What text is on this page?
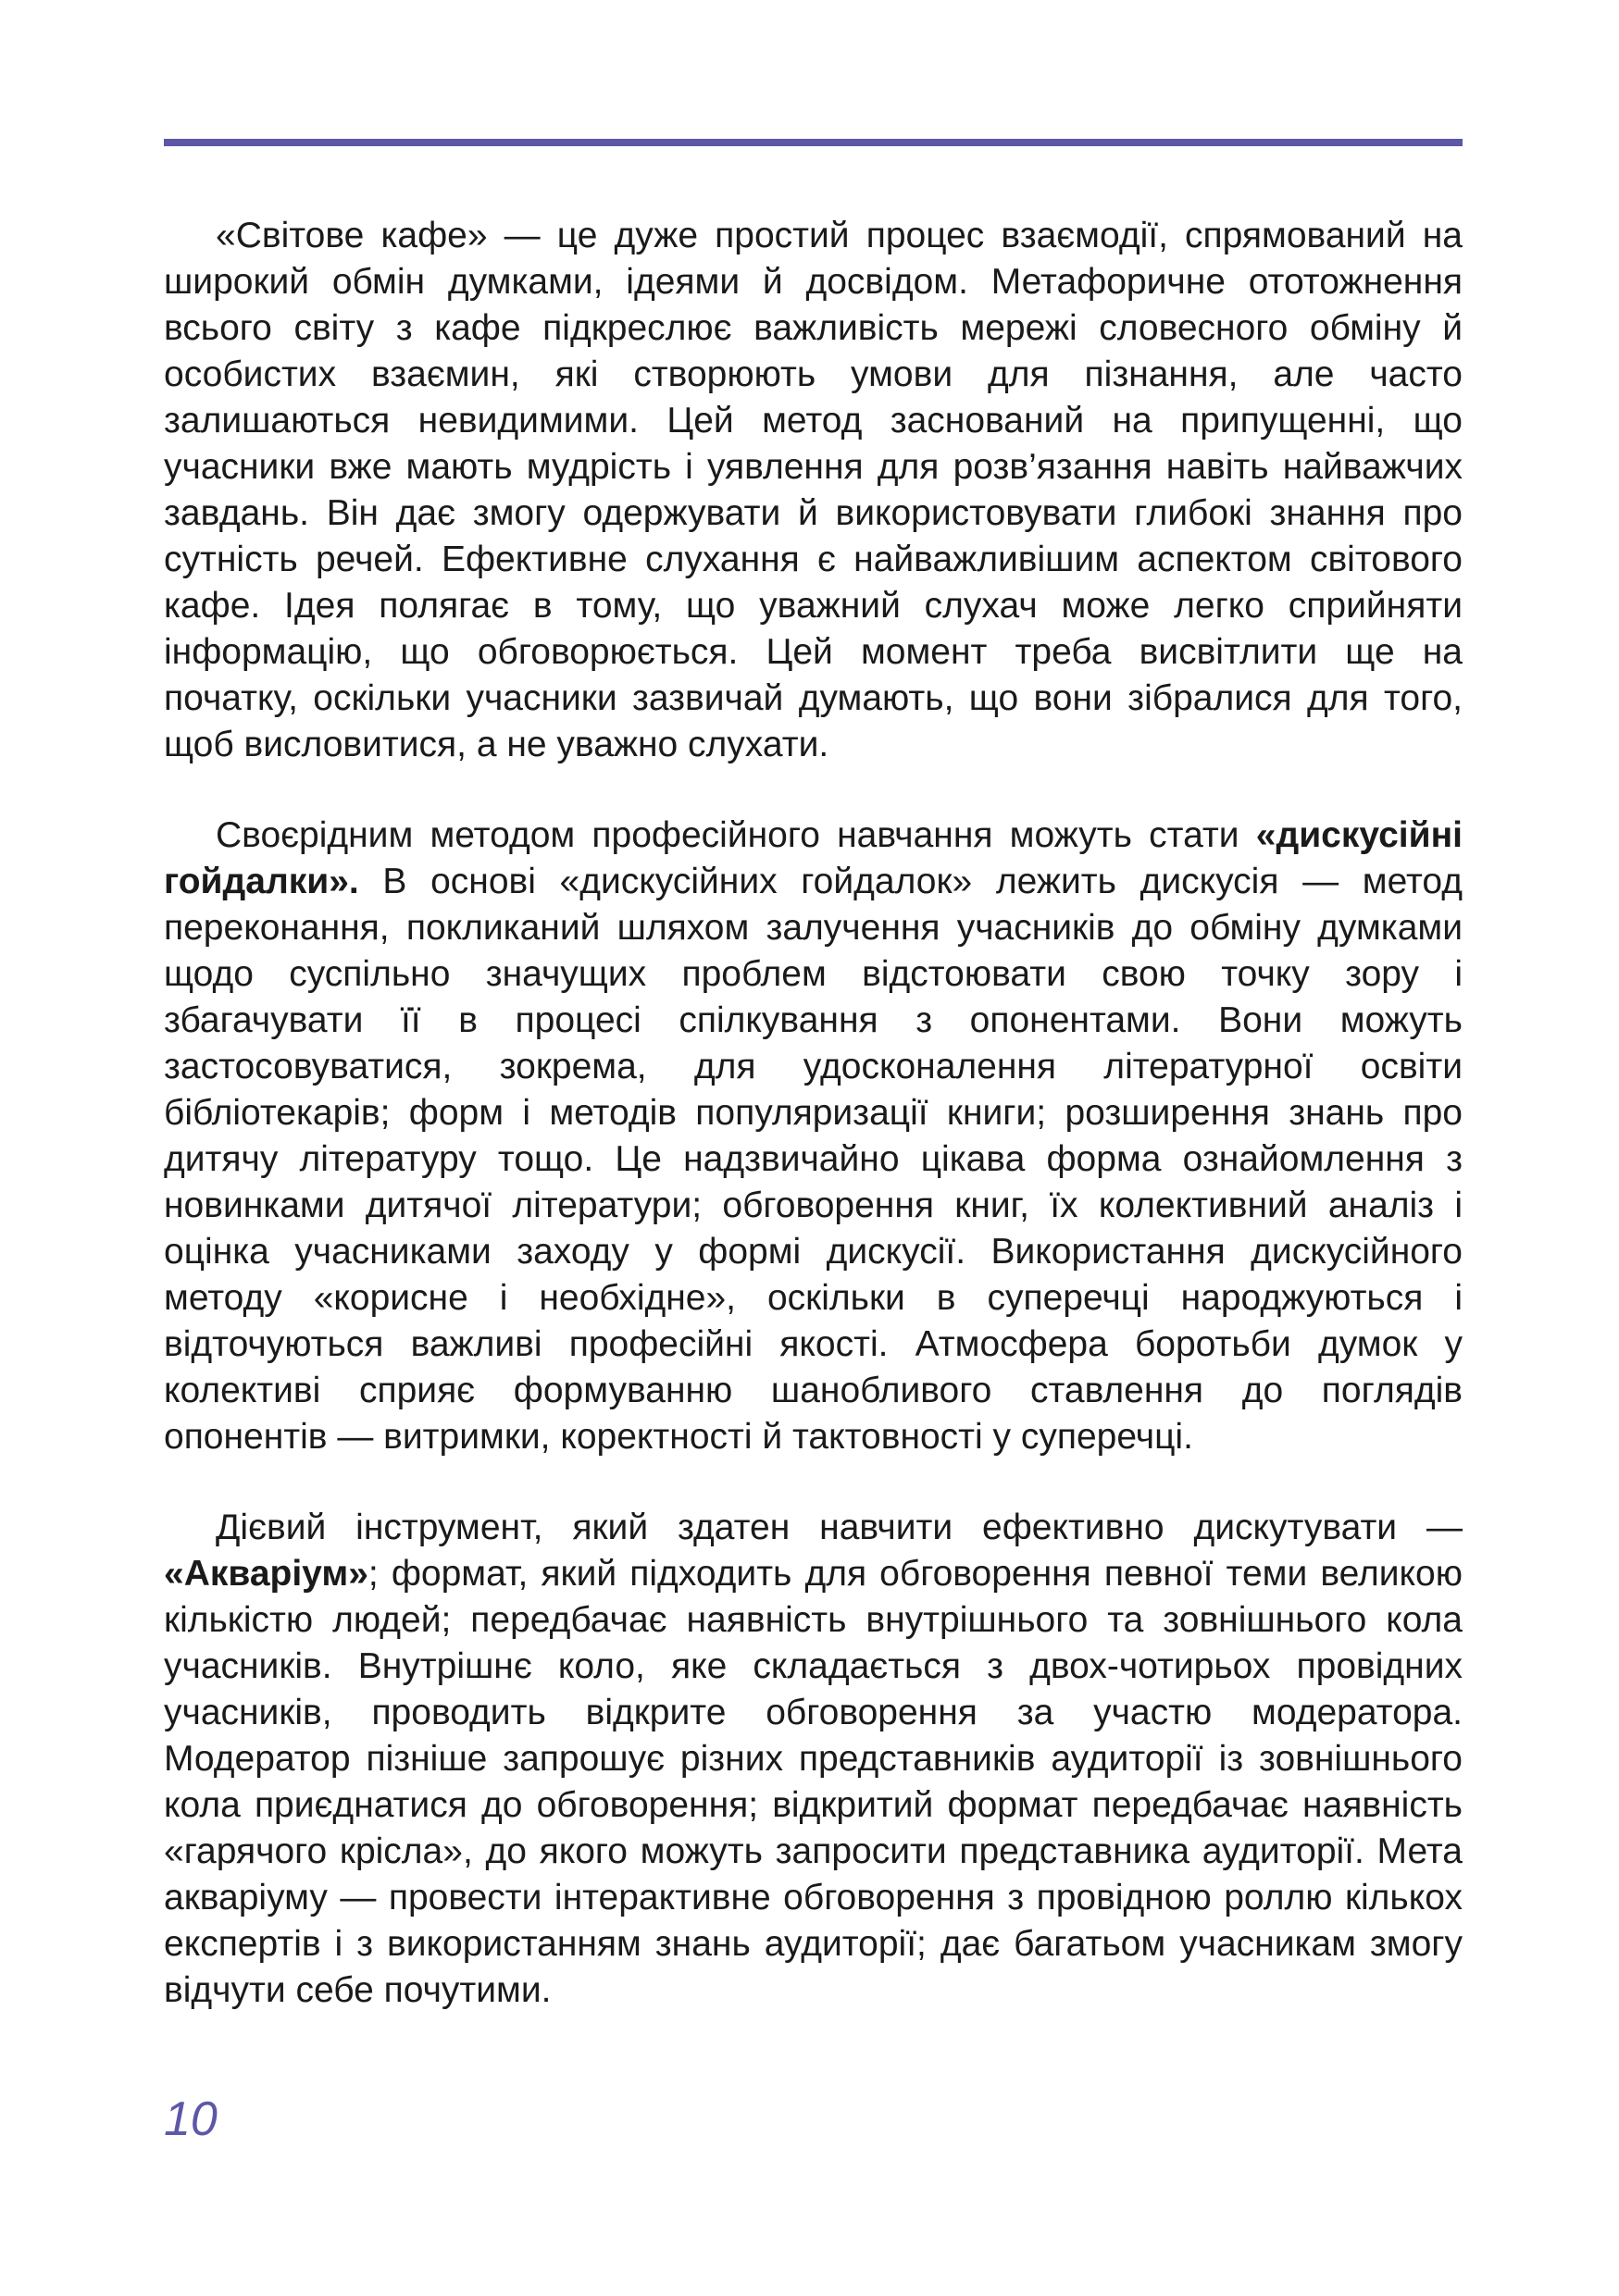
«Світове кафе» — це дуже простий процес взаємодії, спрямований на широкий обмін думками, ідеями й досвідом. Метафоричне ототожнення всього світу з кафе підкреслює важливість мережі словесного обміну й особистих взаємин, які створюють умови для пізнання, але часто залишаються невидимими. Цей метод заснований на припущенні, що учасники вже мають мудрість і уявлення для розв’язання навіть найважчих завдань. Він дає змогу одержувати й використовувати глибокі знання про сутність речей. Ефективне слухання є найважливішим аспектом світового кафе. Ідея полягає в тому, що уважний слухач може легко сприйняти інформацію, що обговорюється. Цей момент треба висвітлити ще на початку, оскільки учасники зазвичай думають, що вони зібралися для того, щоб висловитися, а не уважно слухати.

Своєрідним методом професійного навчання можуть стати «дискусійні гойдалки». В основі «дискусійних гойдалок» лежить дискусія — метод переконання, покликаний шляхом залучення учасників до обміну думками щодо суспільно значущих проблем відстоювати свою точку зору і збагачувати її в процесі спілкування з опонентами. Вони можуть застосовуватися, зокрема, для удосконалення літературної освіти бібліотекарів; форм і методів популяризації книги; розширення знань про дитячу літературу тощо. Це надзвичайно цікава форма ознайомлення з новинками дитячої літератури; обговорення книг, їх колективний аналіз і оцінка учасниками заходу у формі дискусії. Використання дискусійного методу «корисне і необхідне», оскільки в суперечці народжуються і відточуються важливі професійні якості. Атмосфера боротьби думок у колективі сприяє формуванню шанобливого ставлення до поглядів опонентів — витримки, коректності й тактовності у суперечці.

Дієвий інструмент, який здатен навчити ефективно дискутувати — «Акваріум»; формат, який підходить для обговорення певної теми великою кількістю людей; передбачає наявність внутрішнього та зовнішнього кола учасників. Внутрішнє коло, яке складається з двох-чотирьох провідних учасників, проводить відкрите обговорення за участю модератора. Модератор пізніше запрошує різних представників аудиторії із зовнішнього кола приєднатися до обговорення; відкритий формат передбачає наявність «гарячого крісла», до якого можуть запросити представника аудиторії. Мета акваріуму — провести інтерактивне обговорення з провідною роллю кількох експертів і з використанням знань аудиторії; дає багатьом учасникам змогу відчути себе почутими.

10
